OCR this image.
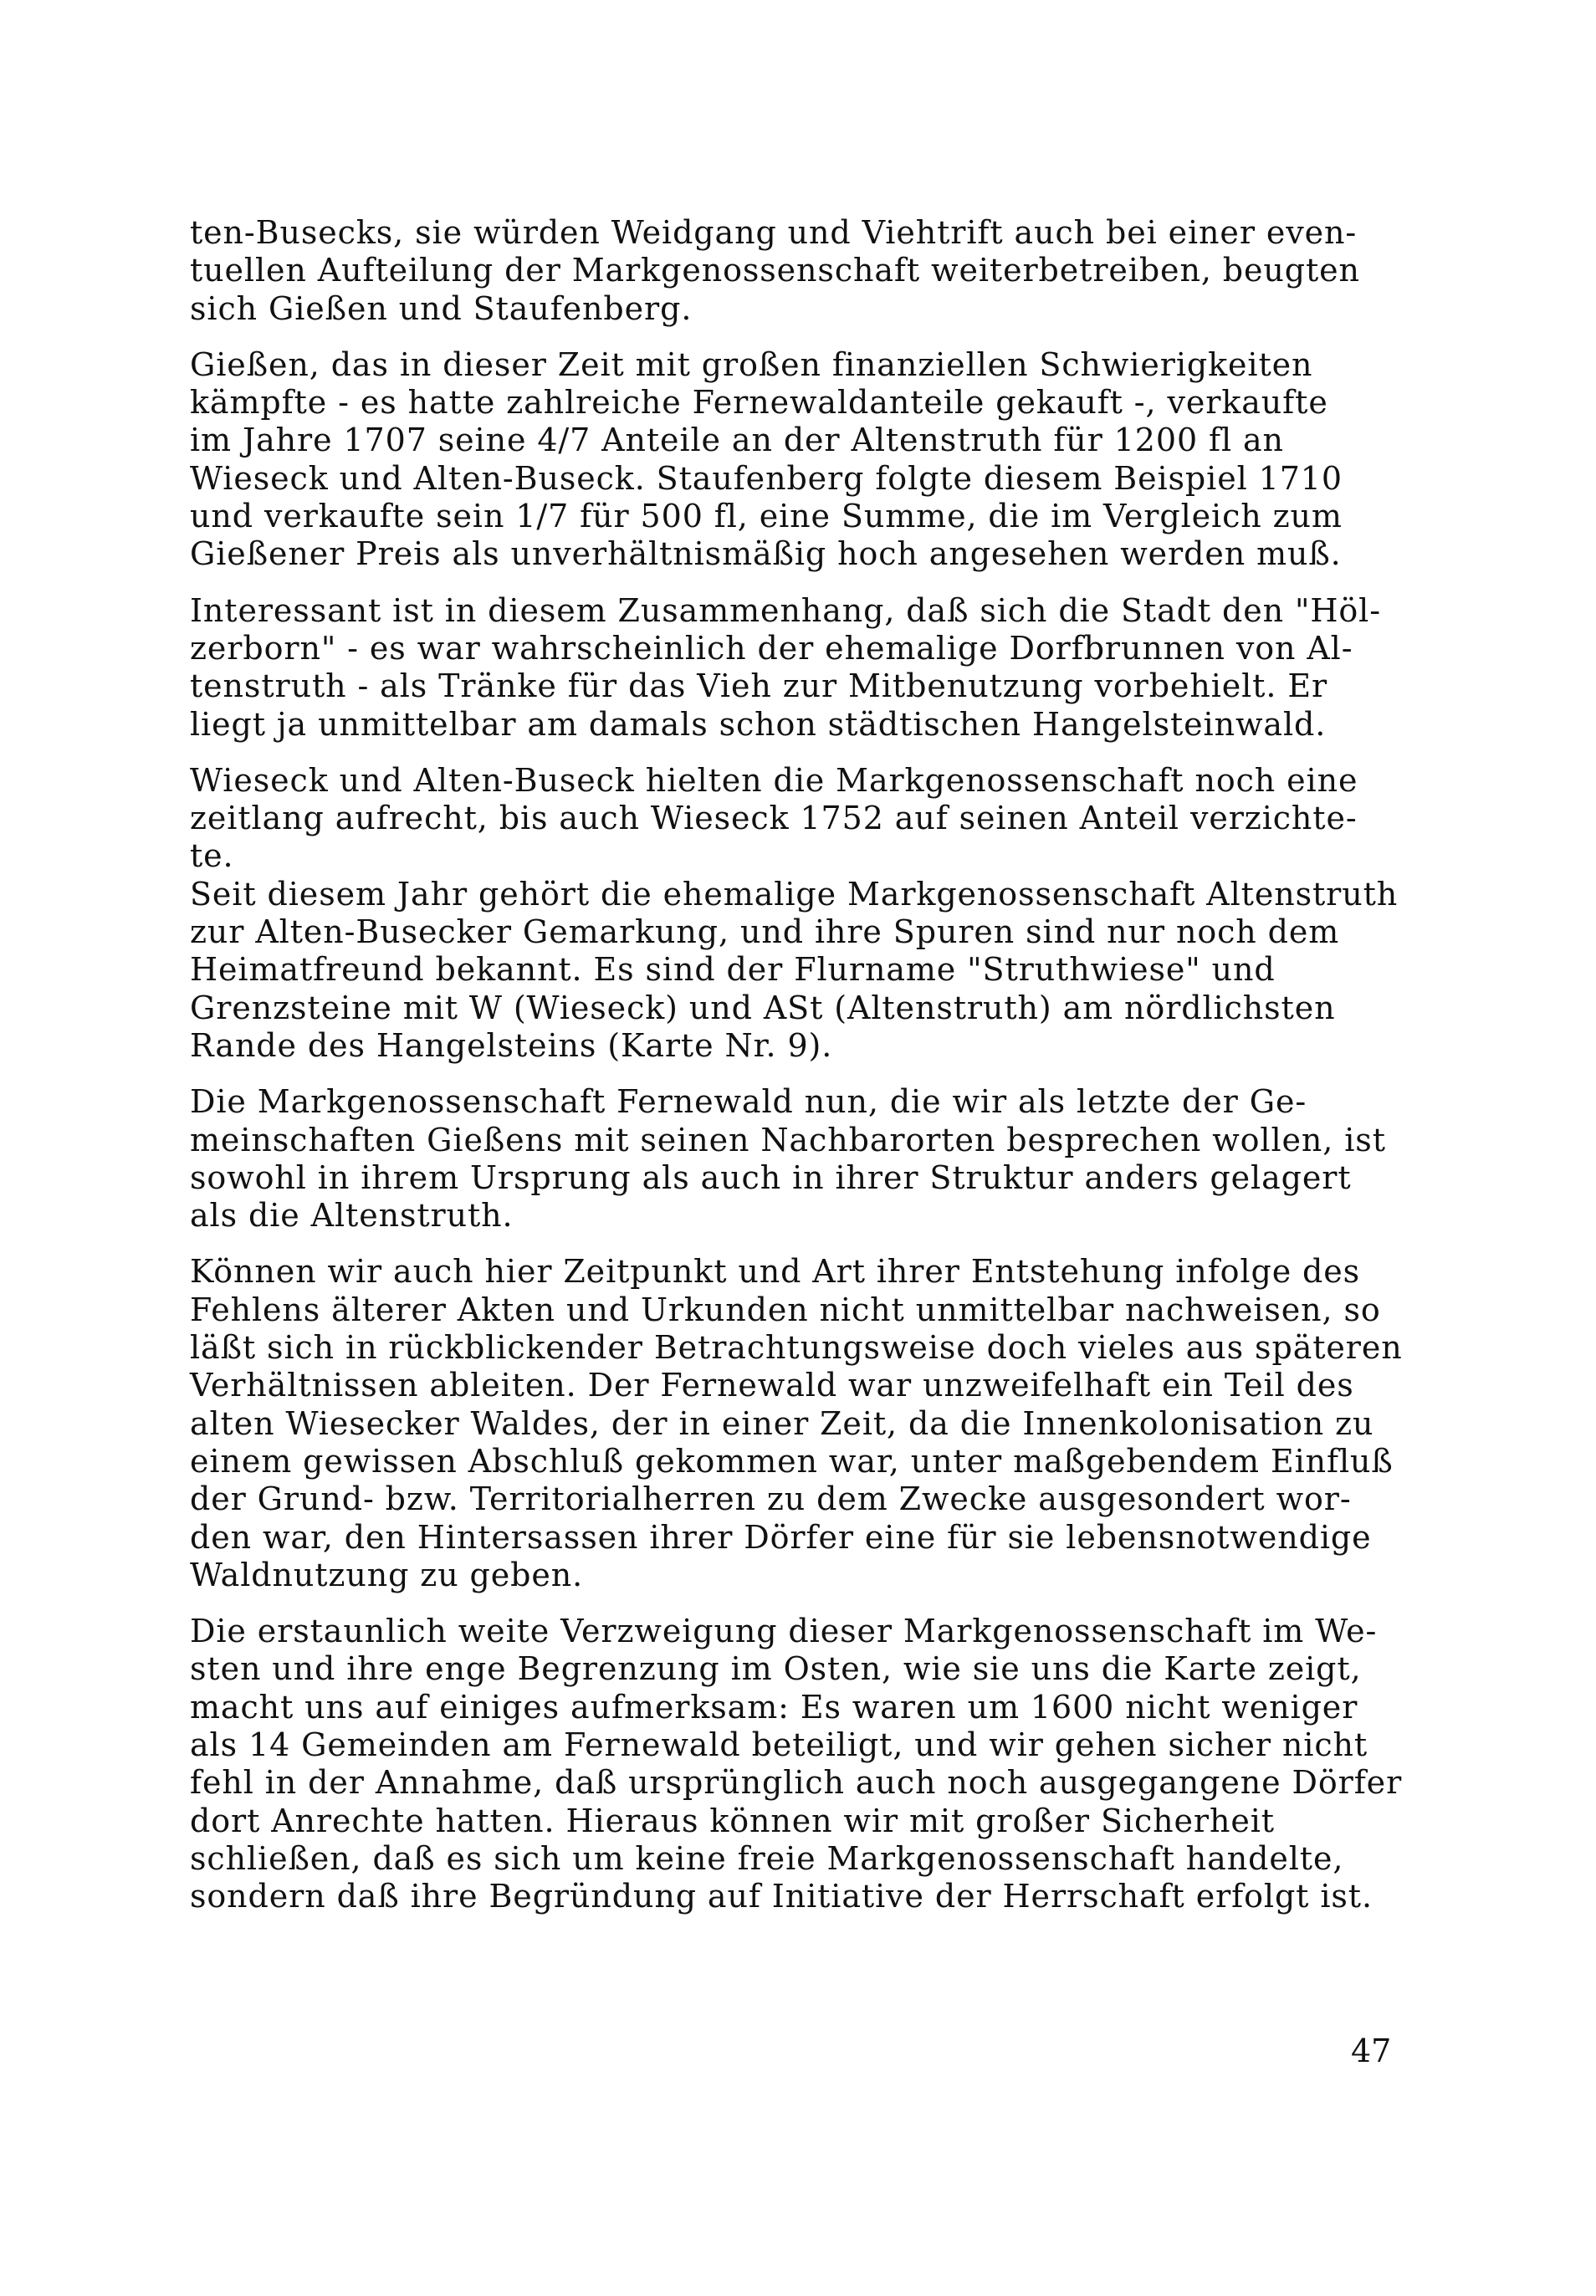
ten-Busecks, sie würden Weidgang und Viehtrift auch bei einer even-
tuellen Aufteilung der Markgenossenschaft weiterbetreiben, beugten
sich Gießen und Staufenberg.

Gießen, das in dieser Zeit mit großen finanziellen Schwierigkeiten
kämpfte - es hatte zahlreiche Fernewaldanteile gekauft -, verkaufte
im Jahre 1707 seine 4/7 Anteile an der Altenstruth für 1200 fl an
Wieseck und Alten-Buseck. Staufenberg folgte diesem Beispiel 1710
und verkaufte sein 1/7 für 500 fl, eine Summe, die im Vergleich zum
Gießener Preis als unverhältnismäßig hoch angesehen werden muß.

Interessant ist in diesem Zusammenhang, daß sich die Stadt den "Höl-
zerborn" - es war wahrscheinlich der ehemalige Dorfbrunnen von Al-
tenstruth - als Tränke für das Vieh zur Mitbenutzung vorbehielt. Er
liegt ja unmittelbar am damals schon städtischen Hangelsteinwald.

Wieseck und Alten-Buseck hielten die Markgenossenschaft noch eine
zeitlang aufrecht, bis auch Wieseck 1752 auf seinen Anteil verzichte-
te.

Seit diesem Jahr gehört die ehemalige Markgenossenschaft Altenstruth
zur Alten-Busecker Gemarkung, und ihre Spuren sind nur noch dem
Heimatfreund bekannt. Es sind der Flurname "Struthwiese" und
Grenzsteine mit W (Wieseck) und ASt (Altenstruth) am nördlichsten
Rande des Hangelsteins (Karte Nr. 9).

Die Markgenossenschaft Fernewald nun, die wir als letzte der Ge-
meinschaften Gießens mit seinen Nachbarorten besprechen wollen, ist
sowohl in ihrem Ursprung als auch in ihrer Struktur anders gelagert
als die Altenstruth.

Können wir auch hier Zeitpunkt und Art ihrer Entstehung infolge des
Fehlens älterer Akten und Urkunden nicht unmittelbar nachweisen, so
läßt sich in rückblickender Betrachtungsweise doch vieles aus späteren
Verhältnissen ableiten. Der Fernewald war unzweifelhaft ein Teil des
alten Wiesecker Waldes, der in einer Zeit, da die Innenkolonisation zu
einem gewissen Abschluß gekommen war, unter maßgebendem Einfluß
der Grund- bzw. Territorialherren zu dem Zwecke ausgesondert wor-
den war, den Hintersassen ihrer Dörfer eine für sie lebensnotwendige
Waldnutzung zu geben.

Die erstaunlich weite Verzweigung dieser Markgenossenschaft im We-
sten und ihre enge Begrenzung im Osten, wie sie uns die Karte zeigt,
macht uns auf einiges aufmerksam: Es waren um 1600 nicht weniger
als 14 Gemeinden am Fernewald beteiligt, und wir gehen sicher nicht
fehl in der Annahme, daß ursprünglich auch noch ausgegangene Dörfer
dort Anrechte hatten. Hieraus können wir mit großer Sicherheit
schließen, daß es sich um keine freie Markgenossenschaft handelte,
sondern daß ihre Begründung auf Initiative der Herrschaft erfolgt ist.

47
